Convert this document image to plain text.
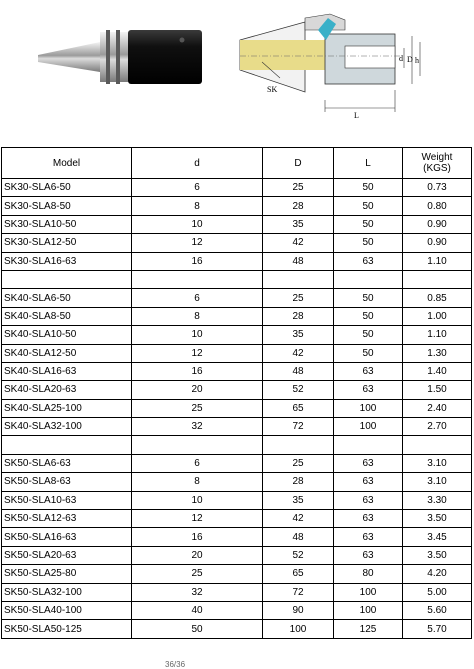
SK
L
d D h
Model	d	D	L	Weight
(KGS)
SK30-SLA6-50	6	25	50	0.73
SK30-SLA8-50	8	28	50	0.80
SK30-SLA10-50	10	35	50	0.90
SK30-SLA12-50	12	42	50	0.90
SK30-SLA16-63	16	48	63	1.10

SK40-SLA6-50	6	25	50	0.85
SK40-SLA8-50	8	28	50	1.00
SK40-SLA10-50	10	35	50	1.10
SK40-SLA12-50	12	42	50	1.30
SK40-SLA16-63	16	48	63	1.40
SK40-SLA20-63	20	52	63	1.50
SK40-SLA25-100	25	65	100	2.40
SK40-SLA32-100	32	72	100	2.70

SK50-SLA6-63	6	25	63	3.10
SK50-SLA8-63	8	28	63	3.10
SK50-SLA10-63	10	35	63	3.30
SK50-SLA12-63	12	42	63	3.50
SK50-SLA16-63	16	48	63	3.45
SK50-SLA20-63	20	52	63	3.50
SK50-SLA25-80	25	65	80	4.20
SK50-SLA32-100	32	72	100	5.00
SK50-SLA40-100	40	90	100	5.60
SK50-SLA50-125	50	100	125	5.70
36/36
